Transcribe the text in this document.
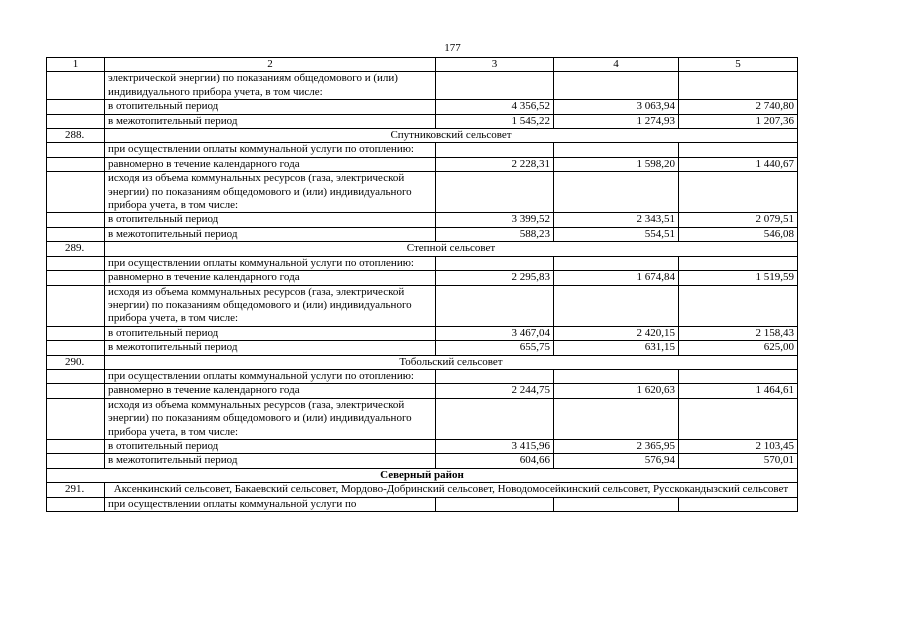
177
1	2	3	4	5
	электрической энергии) по показаниям общедомового и (или) индивидуального прибора учета, в том числе:			
	в отопительный период	4 356,52	3 063,94	2 740,80
	в межотопительный период	1 545,22	1 274,93	1 207,36
288.	Спутниковский сельсовет			
	при осуществлении оплаты коммунальной услуги по отоплению:			
	равномерно в течение календарного года	2 228,31	1 598,20	1 440,67
	исходя из объема коммунальных ресурсов (газа, электрической энергии) по показаниям общедомового и (или) индивидуального прибора учета, в том числе:			
	в отопительный период	3 399,52	2 343,51	2 079,51
	в межотопительный период	588,23	554,51	546,08
289.	Степной сельсовет			
	при осуществлении оплаты коммунальной услуги по отоплению:			
	равномерно в течение календарного года	2 295,83	1 674,84	1 519,59
	исходя из объема коммунальных ресурсов (газа, электрической энергии) по показаниям общедомового и (или) индивидуального прибора учета, в том числе:			
	в отопительный период	3 467,04	2 420,15	2 158,43
	в межотопительный период	655,75	631,15	625,00
290.	Тобольский сельсовет			
	при осуществлении оплаты коммунальной услуги по отоплению:			
	равномерно в течение календарного года	2 244,75	1 620,63	1 464,61
	исходя из объема коммунальных ресурсов (газа, электрической энергии) по показаниям общедомового и (или) индивидуального прибора учета, в том числе:			
	в отопительный период	3 415,96	2 365,95	2 103,45
	в межотопительный период	604,66	576,94	570,01
Северный район				
291.	Аксенкинский сельсовет, Бакаевский сельсовет, Мордово-Добринский сельсовет, Новодомосейкинский сельсовет, Русскокандызский сельсовет			
	при осуществлении оплаты коммунальной услуги по			
